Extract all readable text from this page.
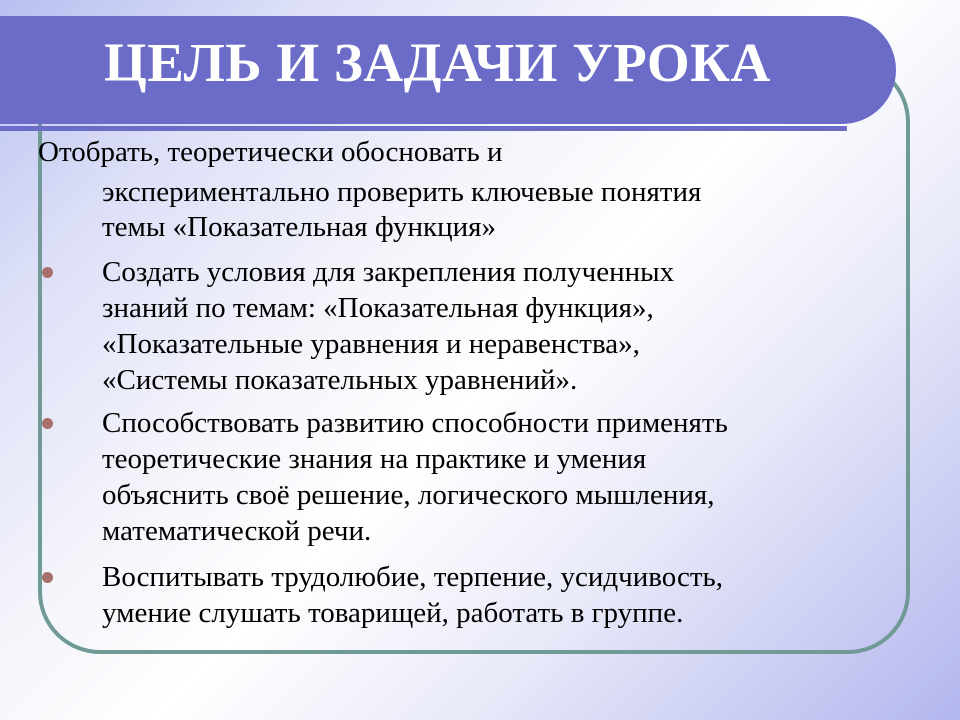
ЦЕЛЬ И ЗАДАЧИ УРОКА

Отобрать, теоретически обосновать и

экспериментально проверить ключевые понятия

темы «Показательная функция»

Создать условия для закрепления полученных

знаний по темам: «Показательная функция»,

«Показательные уравнения и неравенства»,

«Системы показательных уравнений».

Способствовать развитию способности применять

теоретические знания на практике и умения

объяснить своё решение, логического мышления,

математической речи.

Воспитывать трудолюбие, терпение, усидчивость,

умение слушать товарищей, работать в группе.
